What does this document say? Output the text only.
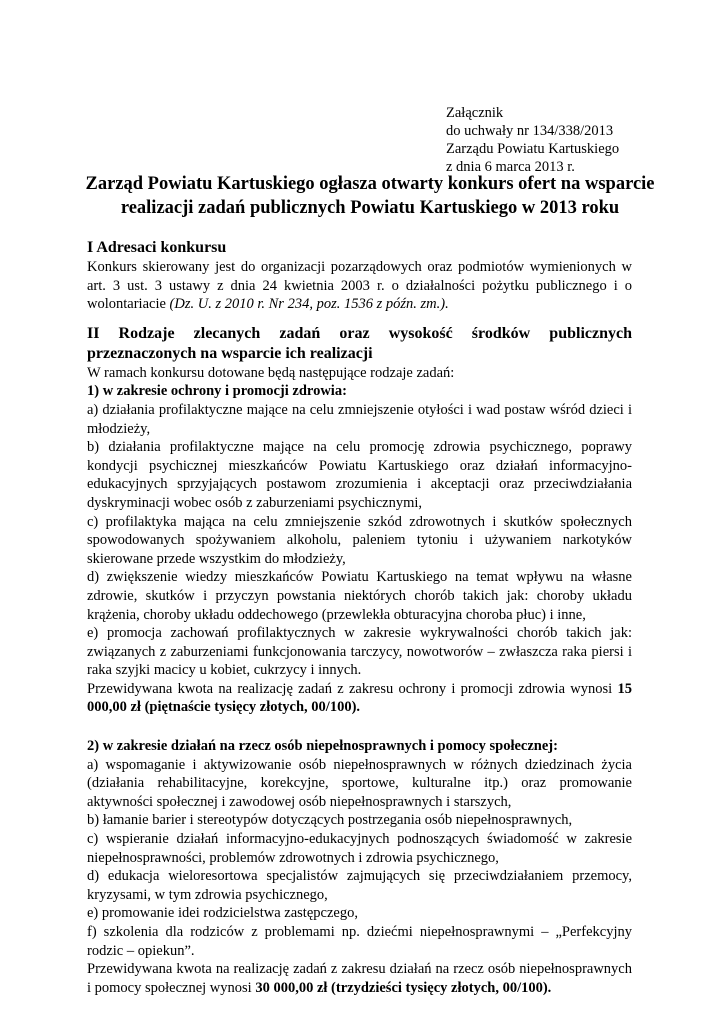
Załącznik
do uchwały nr 134/338/2013
Zarządu Powiatu Kartuskiego
z dnia 6 marca 2013 r.
Zarząd Powiatu Kartuskiego ogłasza otwarty konkurs ofert na wsparcie
realizacji zadań publicznych Powiatu Kartuskiego w 2013 roku

I Adresaci konkursu

Konkurs skierowany jest do organizacji pozarządowych oraz podmiotów wymienionych w art. 3 ust. 3 ustawy z dnia 24 kwietnia 2003 r. o działalności pożytku publicznego i o wolontariacie (Dz. U. z 2010 r. Nr 234, poz. 1536 z późn. zm.).

II Rodzaje zlecanych zadań oraz wysokość środków publicznych przeznaczonych na wsparcie ich realizacji

W ramach konkursu dotowane będą następujące rodzaje zadań:

1) w zakresie ochrony i promocji zdrowia:

a) działania profilaktyczne mające na celu zmniejszenie otyłości i wad postaw wśród dzieci i młodzieży,

b) działania profilaktyczne mające na celu promocję zdrowia psychicznego, poprawy kondycji psychicznej mieszkańców Powiatu Kartuskiego oraz działań informacyjno-edukacyjnych sprzyjających postawom zrozumienia i akceptacji oraz przeciwdziałania dyskryminacji wobec osób z zaburzeniami psychicznymi,

c) profilaktyka mająca na celu zmniejszenie szkód zdrowotnych i skutków społecznych spowodowanych spożywaniem alkoholu, paleniem tytoniu i używaniem narkotyków skierowane przede wszystkim do młodzieży,

d) zwiększenie wiedzy mieszkańców Powiatu Kartuskiego na temat wpływu na własne zdrowie, skutków i przyczyn powstania niektórych chorób takich jak: choroby układu krążenia, choroby układu oddechowego (przewlekła obturacyjna choroba płuc) i inne,

e) promocja zachowań profilaktycznych w zakresie wykrywalności chorób takich jak: związanych z zaburzeniami funkcjonowania tarczycy, nowotworów – zwłaszcza raka piersi i raka szyjki macicy u kobiet, cukrzycy i innych.

Przewidywana kwota na realizację zadań z zakresu ochrony i promocji zdrowia wynosi 15 000,00 zł (piętnaście tysięcy złotych, 00/100).

2) w zakresie działań na rzecz osób niepełnosprawnych i pomocy społecznej:

a) wspomaganie i aktywizowanie osób niepełnosprawnych w różnych dziedzinach życia (działania rehabilitacyjne, korekcyjne, sportowe, kulturalne itp.) oraz promowanie aktywności społecznej i zawodowej osób niepełnosprawnych i starszych,

b) łamanie barier i stereotypów dotyczących postrzegania osób niepełnosprawnych,

c) wspieranie działań informacyjno-edukacyjnych podnoszących świadomość w zakresie niepełnosprawności, problemów zdrowotnych i zdrowia psychicznego,

d) edukacja wieloresortowa specjalistów zajmujących się przeciwdziałaniem przemocy, kryzysami, w tym zdrowia psychicznego,

e) promowanie idei rodzicielstwa zastępczego,

f) szkolenia dla rodziców z problemami np. dziećmi niepełnosprawnymi – „Perfekcyjny rodzic – opiekun”.

Przewidywana kwota na realizację zadań z zakresu działań na rzecz osób niepełnosprawnych i pomocy społecznej wynosi 30 000,00 zł (trzydzieści tysięcy złotych, 00/100).
